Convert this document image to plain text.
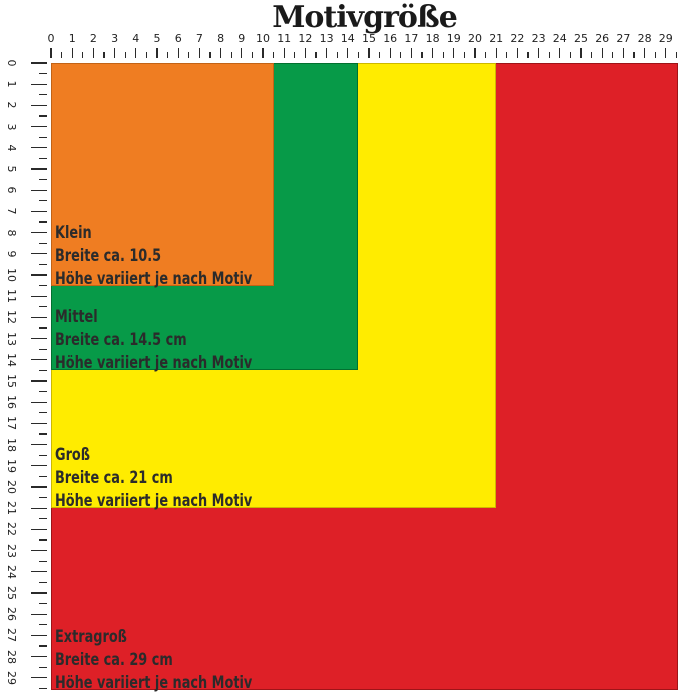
Motivgröße
0	1	2	3	4	5	6	7	8	9 10 11 12 13 14 15 16 17 18 19 20 21 22 23 24 25 26 27 28 29
0
1
2
3
4
5
6
7
8
9
10
11
12
13
14
15
16
17
18
19
20
21
22
23
24
25
26
27
28
29
Klein
Breite ca. 10.5
Höhe variiert je nach Motiv
Mittel
Breite ca. 14.5 cm
Höhe variiert je nach Motiv
Groß
Breite ca. 21 cm
Höhe variiert je nach Motiv
Extragroß
Breite ca. 29 cm
Höhe variiert je nach Motiv
